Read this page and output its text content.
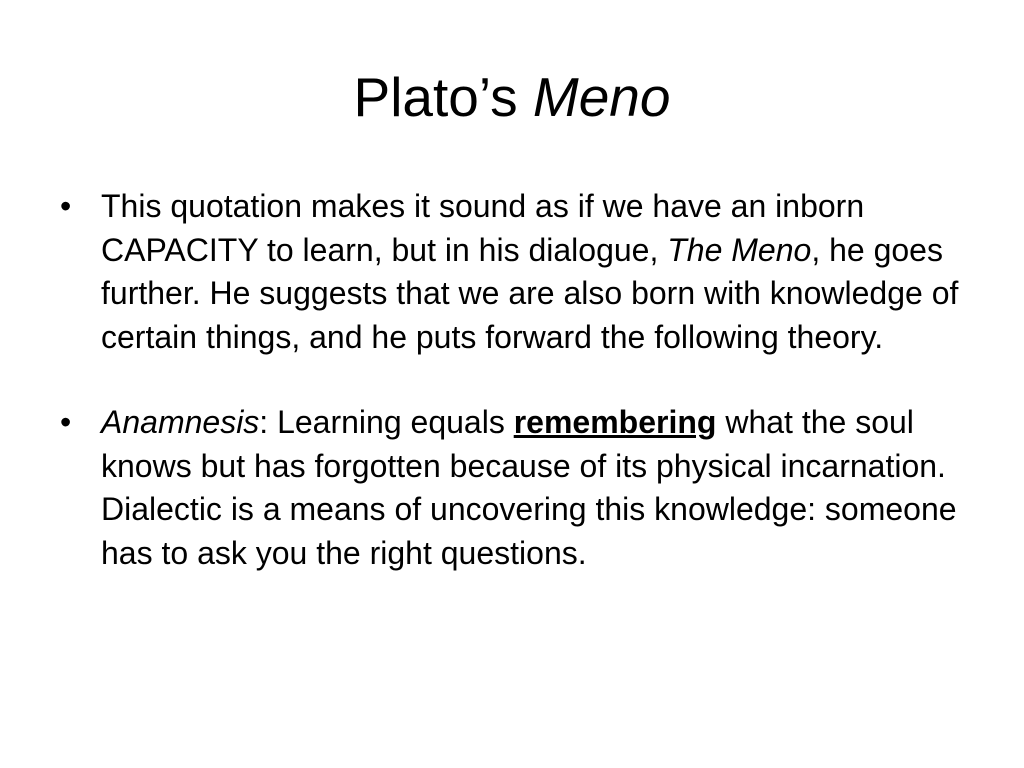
Plato’s Meno
• This quotation makes it sound as if we have an inborn CAPACITY to learn, but in his dialogue, The Meno, he goes further. He suggests that we are also born with knowledge of certain things, and he puts forward the following theory.
• Anamnesis: Learning equals remembering what the soul knows but has forgotten because of its physical incarnation. Dialectic is a means of uncovering this knowledge: someone has to ask you the right questions.
